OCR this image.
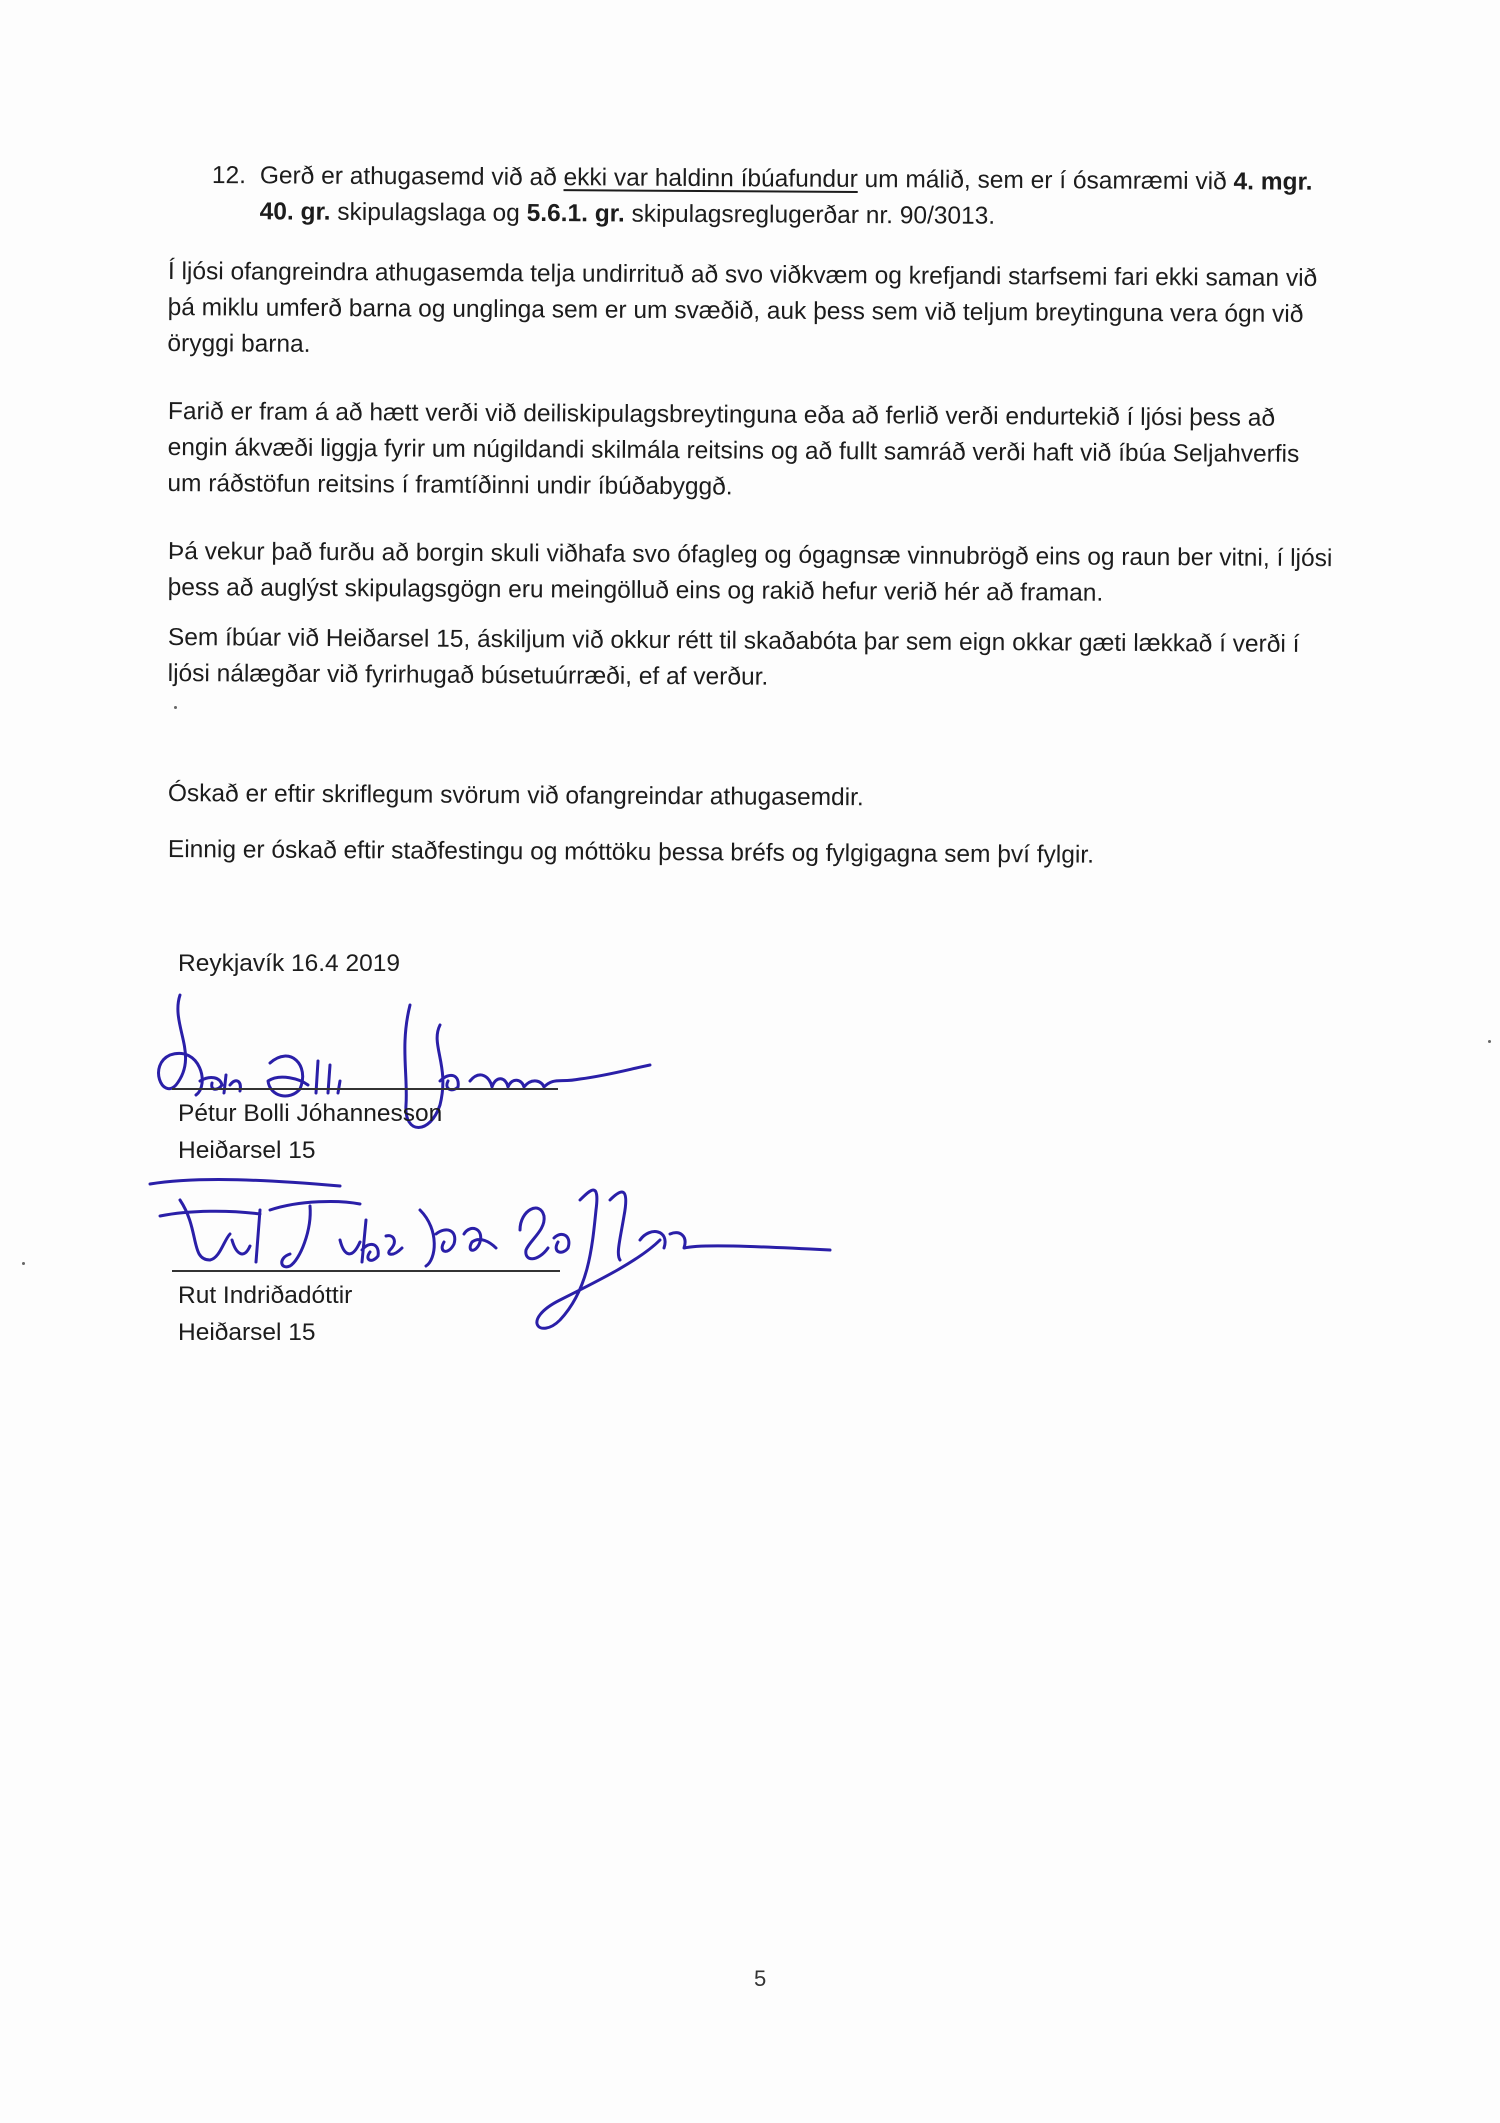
12. Gerð er athugasemd við að ekki var haldinn íbúafundur um málið, sem er í ósamræmi við 4. mgr. 40. gr. skipulagslaga og 5.6.1. gr. skipulagsreglugerðar nr. 90/3013.

Í ljósi ofangreindra athugasemda telja undirrituð að svo viðkvæm og krefjandi starfsemi fari ekki saman við þá miklu umferð barna og unglinga sem er um svæðið, auk þess sem við teljum breytinguna vera ógn við öryggi barna.

Farið er fram á að hætt verði við deiliskipulagsbreytinguna eða að ferlið verði endurtekið í ljósi þess að engin ákvæði liggja fyrir um núgildandi skilmála reitsins og að fullt samráð verði haft við íbúa Seljahverfis um ráðstöfun reitsins í framtíðinni undir íbúðabyggð.

Þá vekur það furðu að borgin skuli viðhafa svo ófagleg og ógagnsæ vinnubrögð eins og raun ber vitni, í ljósi þess að auglýst skipulagsgögn eru meingölluð eins og rakið hefur verið hér að framan.

Sem íbúar við Heiðarsel 15, áskiljum við okkur rétt til skaðabóta þar sem eign okkar gæti lækkað í verði í ljósi nálægðar við fyrirhugað búsetuúrræði, ef af verður.

Óskað er eftir skriflegum svörum við ofangreindar athugasemdir.

Einnig er óskað eftir staðfestingu og móttöku þessa bréfs og fylgigagna sem því fylgir.

Reykjavík 16.4 2019
Pétur Bolli Jóhannesson
Heiðarsel 15
Rut Indriðadóttir
Heiðarsel 15
5
